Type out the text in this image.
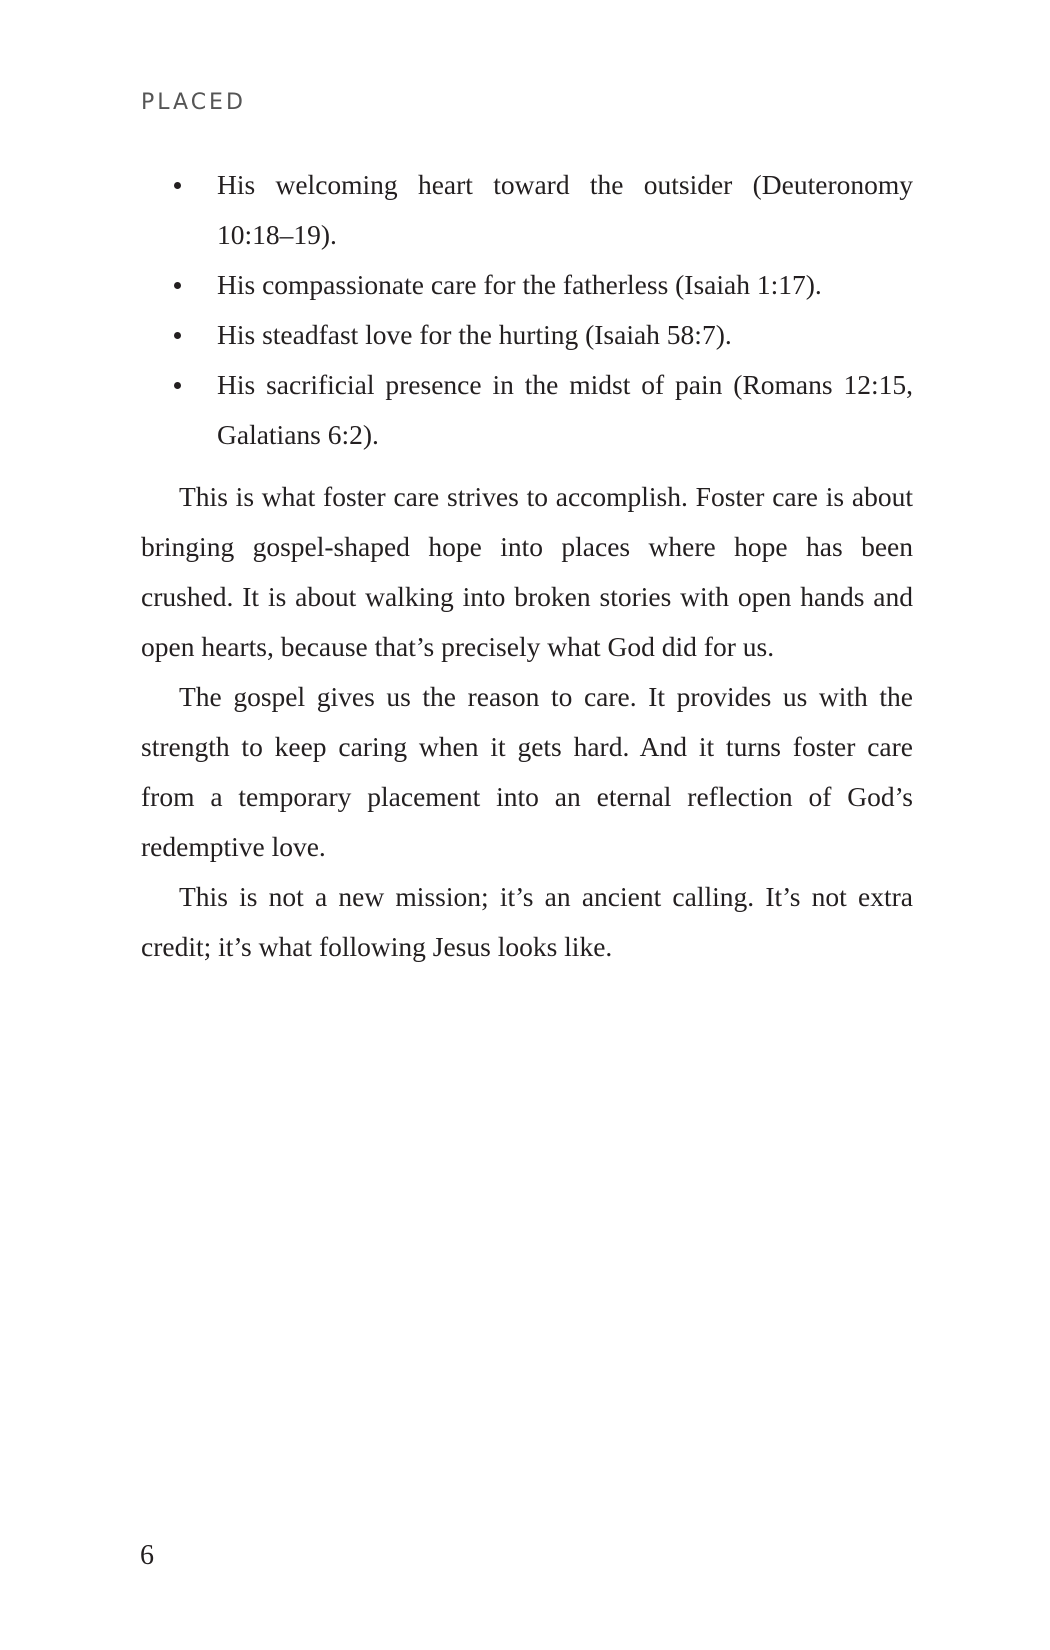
PLACED
His welcoming heart toward the outsider (Deuteronomy 10:18–19).
His compassionate care for the fatherless (Isaiah 1:17).
His steadfast love for the hurting (Isaiah 58:7).
His sacrificial presence in the midst of pain (Romans 12:15, Galatians 6:2).

This is what foster care strives to accomplish. Foster care is about bringing gospel-shaped hope into places where hope has been crushed. It is about walking into broken stories with open hands and open hearts, because that’s precisely what God did for us.

The gospel gives us the reason to care. It provides us with the strength to keep caring when it gets hard. And it turns foster care from a temporary placement into an eternal reflection of God’s redemptive love.

This is not a new mission; it’s an ancient calling. It’s not extra credit; it’s what following Jesus looks like.

6
